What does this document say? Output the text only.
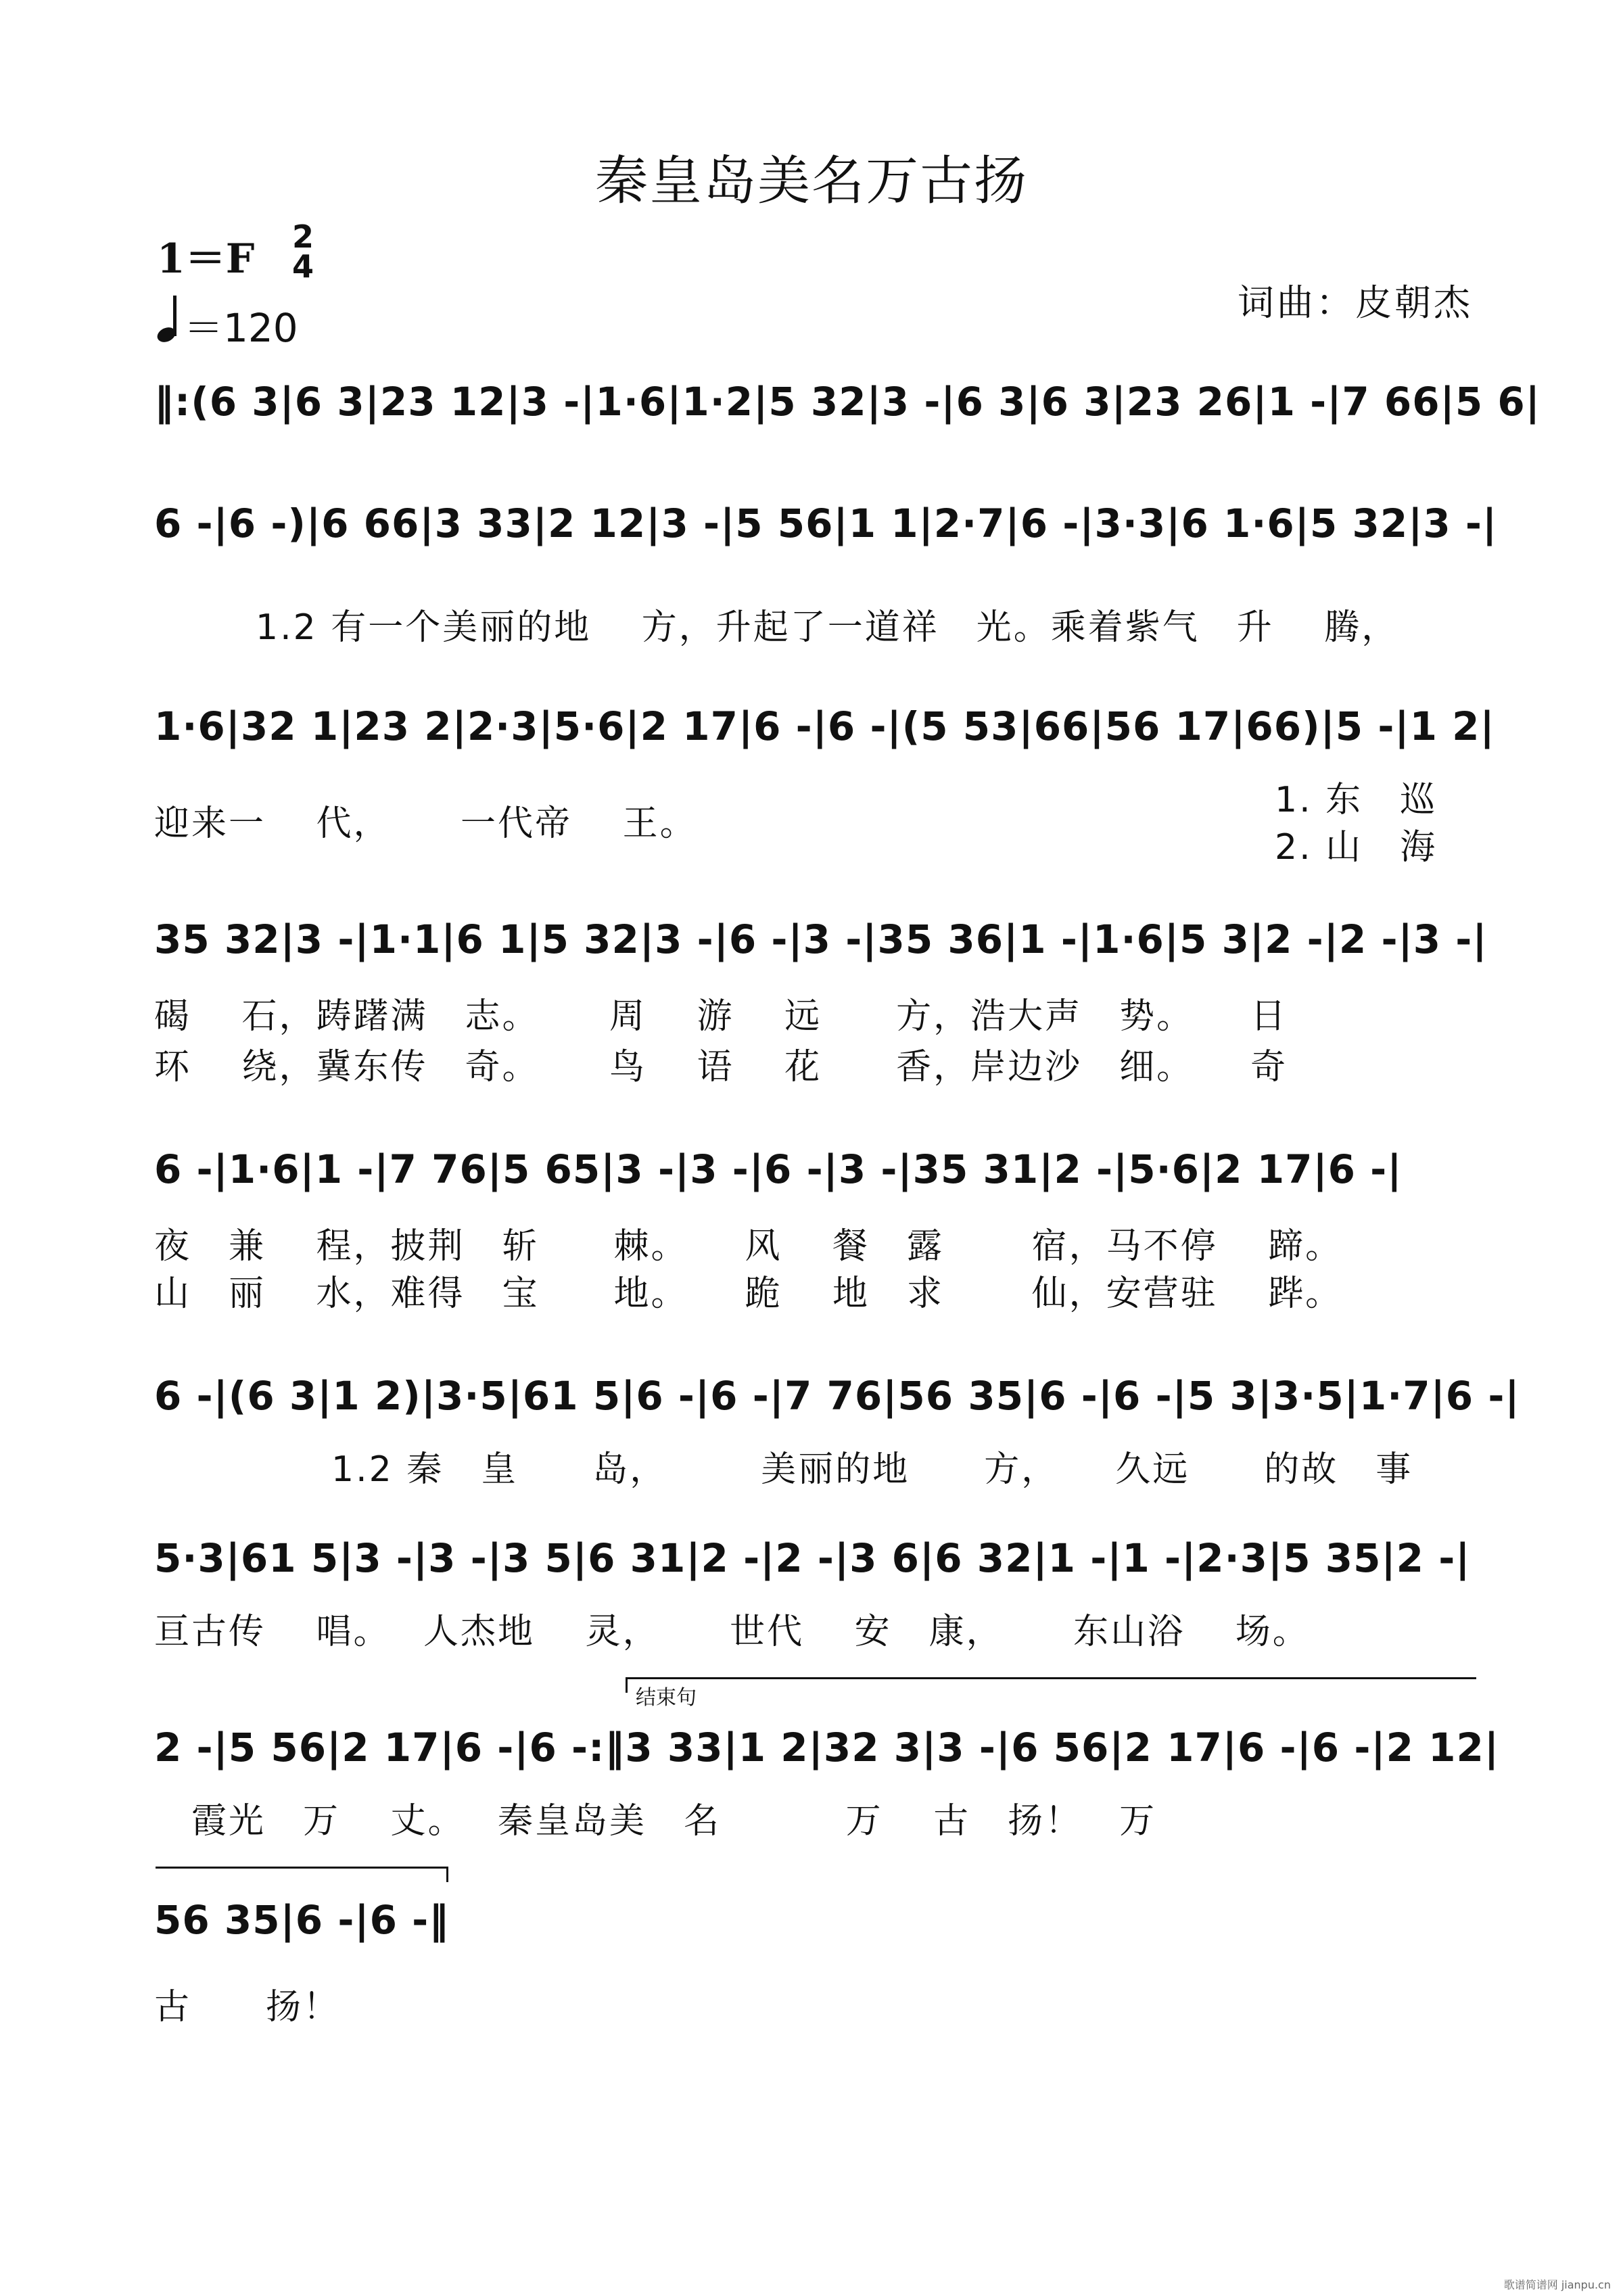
秦皇岛美名万古扬
1＝F 2
4
＝120
词曲：皮朝杰
‖:(6 3|6 3|23 12|3 -|1·6|1·2|5 32|3 -|6 3|6 3|23 26|1 -|7 66|5 6|
6 -|6 -)|6 66|3 33|2 12|3 -|5 56|1 1|2·7|6 -|3·3|6 1·6|5 32|3 -|
1.2 有一个美丽的地　 方，升起了一道祥　光。乘着紫气　升　 腾，
1·6|32 1|23 2|2·3|5·6|2 17|6 -|6 -|(5 53|66|56 17|66)|5 -|1 2|
迎来一　 代，　　 一代帝　 王。
1. 东　巡
2. 山　海
35 32|3 -|1·1|6 1|5 32|3 -|6 -|3 -|35 36|1 -|1·6|5 3|2 -|2 -|3 -|
碣　 石，踌躇满　志。　　 周　 游　 远　　方，浩大声　势。　　日
环　 绕，冀东传　奇。　　 鸟　 语　 花　　香，岸边沙　细。　　奇
6 -|1·6|1 -|7 76|5 65|3 -|3 -|6 -|3 -|35 31|2 -|5·6|2 17|6 -|
夜　兼　 程，披荆　斩　　棘。　　风　 餐　露　　 宿，马不停　 蹄。
山　丽　 水，难得　宝　　地。　　跪　 地　求　　 仙，安营驻　 跸。
6 -|(6 3|1 2)|3·5|61 5|6 -|6 -|7 76|56 35|6 -|6 -|5 3|3·5|1·7|6 -|
1.2 秦　皇　　岛，　　　美丽的地　　方，　　久远　　的故　事
5·3|61 5|3 -|3 -|3 5|6 31|2 -|2 -|3 6|6 32|1 -|1 -|2·3|5 35|2 -|
亘古传　 唱。　 人杰地　 灵，　　 世代　 安　康，　　 东山浴　 场。
结束句
2 -|5 56|2 17|6 -|6 -:‖3 33|1 2|32 3|3 -|6 56|2 17|6 -|6 -|2 12|
　霞光　万　 丈。　 秦皇岛美　名　　　 万　 古　扬！　万
56 35|6 -|6 -‖
古　　扬！
歌谱简谱网 jianpu.cn
